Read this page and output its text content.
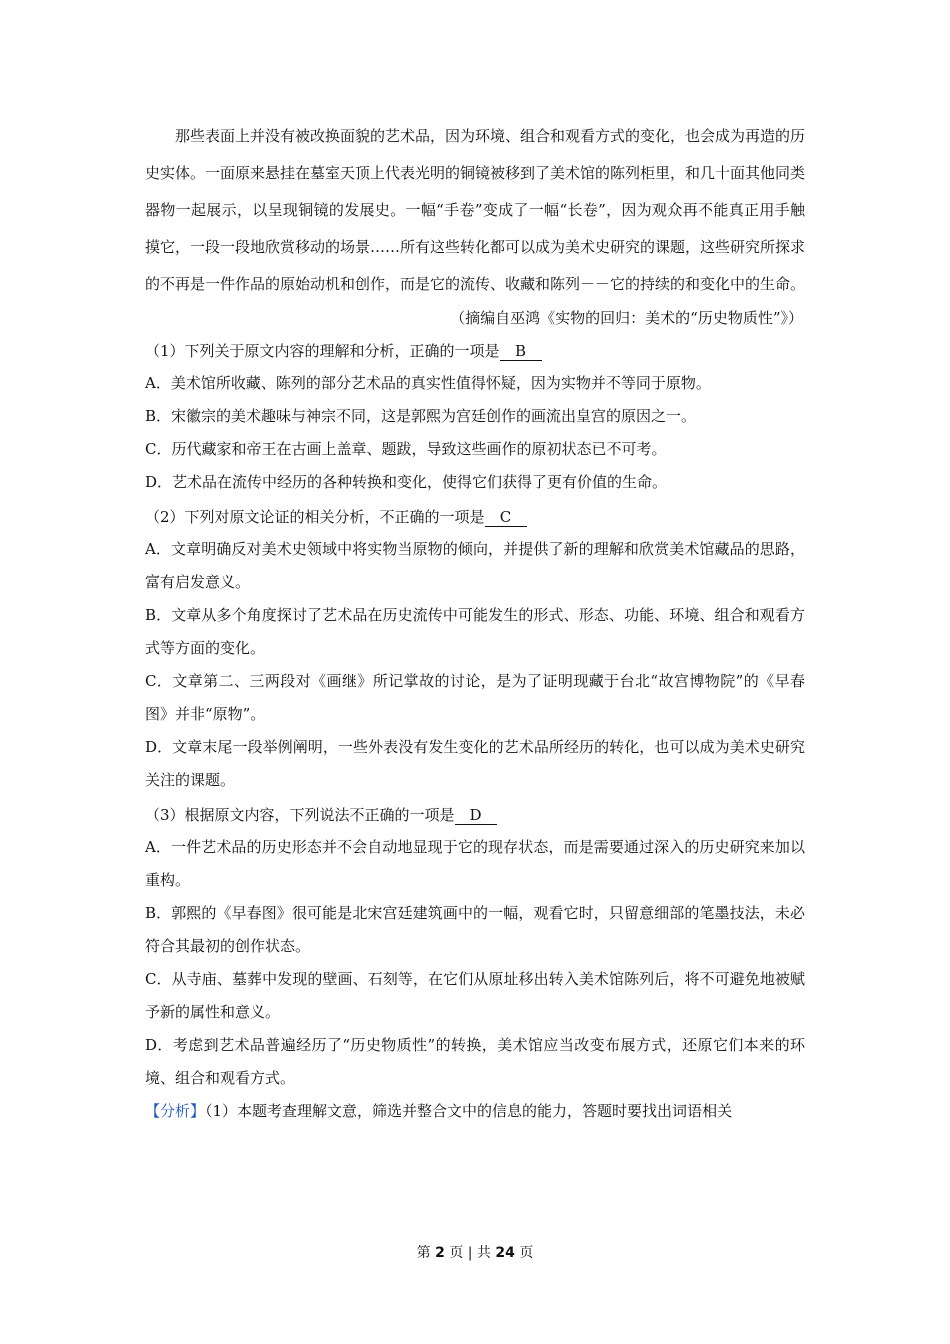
那些表面上并没有被改换面貌的艺术品，因为环境、组合和观看方式的变化，也会成为再造的历史实体。一面原来悬挂在墓室天顶上代表光明的铜镜被移到了美术馆的陈列柜里，和几十面其他同类器物一起展示，以呈现铜镜的发展史。一幅“手卷”变成了一幅“长卷”，因为观众再不能真正用手触摸它，一段一段地欣赏移动的场景……所有这些转化都可以成为美术史研究的课题，这些研究所探求的不再是一件作品的原始动机和创作，而是它的流传、收藏和陈列－－它的持续的和变化中的生命。

（摘编自巫鸿《实物的回归：美术的“历史物质性”》）

（1）下列关于原文内容的理解和分析，正确的一项是 B

A．美术馆所收藏、陈列的部分艺术品的真实性值得怀疑，因为实物并不等同于原物。

B．宋徽宗的美术趣味与神宗不同，这是郭熙为宫廷创作的画流出皇宫的原因之一。

C．历代藏家和帝王在古画上盖章、题跋，导致这些画作的原初状态已不可考。

D．艺术品在流传中经历的各种转换和变化，使得它们获得了更有价值的生命。

（2）下列对原文论证的相关分析，不正确的一项是 C

A．文章明确反对美术史领域中将实物当原物的倾向，并提供了新的理解和欣赏美术馆藏品的思路，富有启发意义。

B．文章从多个角度探讨了艺术品在历史流传中可能发生的形式、形态、功能、环境、组合和观看方式等方面的变化。

C．文章第二、三两段对《画继》所记掌故的讨论，是为了证明现藏于台北“故宫博物院”的《早春图》并非“原物”。

D．文章末尾一段举例阐明，一些外表没有发生变化的艺术品所经历的转化，也可以成为美术史研究关注的课题。

（3）根据原文内容，下列说法不正确的一项是 D

A．一件艺术品的历史形态并不会自动地显现于它的现存状态，而是需要通过深入的历史研究来加以重构。

B．郭熙的《早春图》很可能是北宋宫廷建筑画中的一幅，观看它时，只留意细部的笔墨技法，未必符合其最初的创作状态。

C．从寺庙、墓葬中发现的壁画、石刻等，在它们从原址移出转入美术馆陈列后，将不可避免地被赋予新的属性和意义。

D．考虑到艺术品普遍经历了“历史物质性”的转换，美术馆应当改变布展方式，还原它们本来的环境、组合和观看方式。

【分析】（1）本题考查理解文意，筛选并整合文中的信息的能力，答题时要找出词语相关

第 2 页 | 共 24 页
